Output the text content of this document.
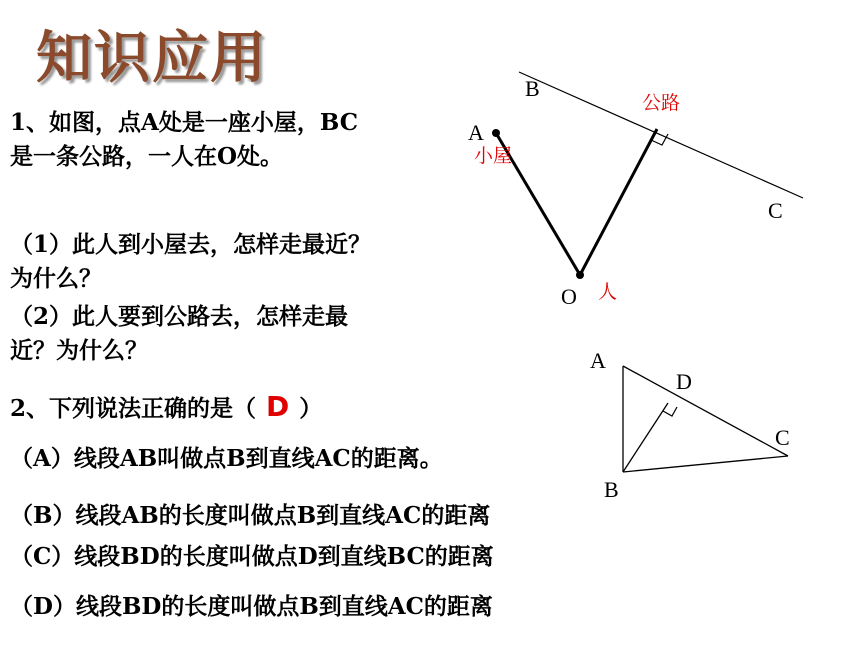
知识应用
1、如图，点A处是一座小屋，BC
是一条公路，一人在O处。
（1）此人到小屋去，怎样走最近？
为什么？
（2）此人要到公路去，怎样走最
近？为什么？
2、下列说法正确的是（ D ）
（A）线段AB叫做点B到直线AC的距离。
（B）线段AB的长度叫做点B到直线AC的距离
（C）线段BD的长度叫做点D到直线BC的距离
（D）线段BD的长度叫做点B到直线AC的距离
B
C
A
O
公路
小屋
人
A
B
C
D
